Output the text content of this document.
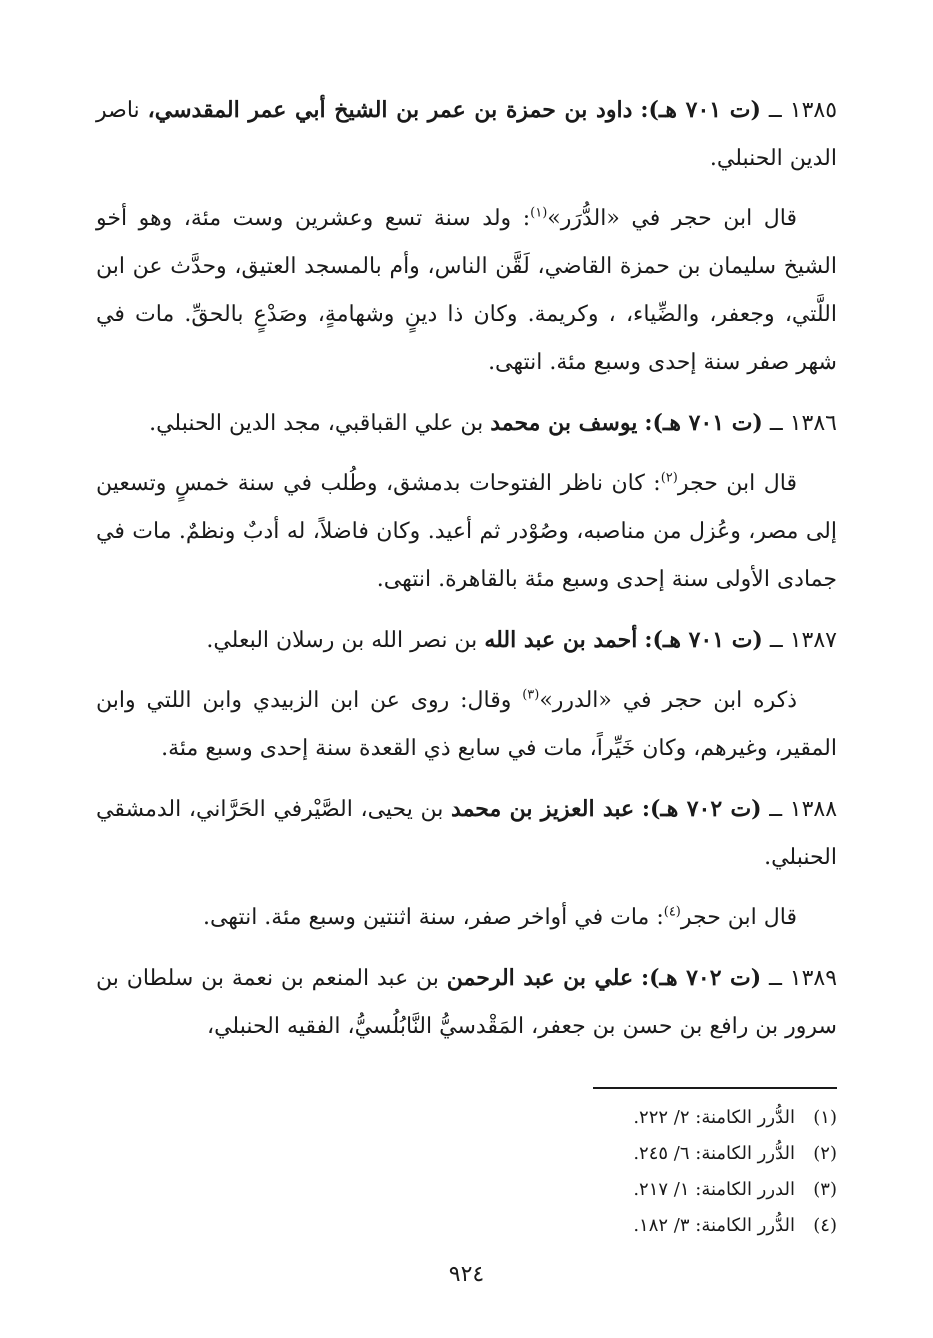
١٣٨٥ ــ (ت ٧٠١ هـ): داود بن حمزة بن عمر بن الشيخ أبي عمر المقدسي، ناصر الدين الحنبلي.

قال ابن حجر في «الدُّرَر»$^{(١)}$: ولد سنة تسع وعشرين وست مئة، وهو أخو الشيخ سليمان بن حمزة القاضي، لَقَّن الناس، وأم بالمسجد العتيق، وحدَّث عن ابن اللَّتي، وجعفر، والضِّياء، ، وكريمة. وكان ذا دينٍ وشهامةٍ، وصَدْعٍ بالحقِّ. مات في شهر صفر سنة إحدى وسبع مئة. انتهى.

١٣٨٦ ــ (ت ٧٠١ هـ): يوسف بن محمد بن علي القباقبي، مجد الدين الحنبلي.

قال ابن حجر$^{(٢)}$: كان ناظر الفتوحات بدمشق، وطُلب في سنة خمسٍ وتسعين إلى مصر، وعُزل من مناصبه، وصُوْدر ثم أعيد. وكان فاضلاً، له أدبٌ ونظمٌ. مات في جمادى الأولى سنة إحدى وسبع مئة بالقاهرة. انتهى.

١٣٨٧ ــ (ت ٧٠١ هـ): أحمد بن عبد الله بن نصر الله بن رسلان البعلي.

ذكره ابن حجر في «الدرر»$^{(٣)}$ وقال: روى عن ابن الزبيدي وابن اللتي وابن المقير، وغيرهم، وكان خَيِّراً، مات في سابع ذي القعدة سنة إحدى وسبع مئة.

١٣٨٨ ــ (ت ٧٠٢ هـ): عبد العزيز بن محمد بن يحيى، الصَّيْرفي الحَرَّاني، الدمشقي الحنبلي.

قال ابن حجر$^{(٤)}$: مات في أواخر صفر، سنة اثنتين وسبع مئة. انتهى.

١٣٨٩ ــ (ت ٧٠٢ هـ): علي بن عبد الرحمن بن عبد المنعم بن نعمة بن سلطان بن سرور بن رافع بن حسن بن جعفر، المَقْدسيُّ النَّابُلُسيُّ، الفقيه الحنبلي،

(١)
الدُّرر الكامنة: ٢/ ٢٢٢.
(٢)
الدُّرر الكامنة: ٦/ ٢٤٥.
(٣)
الدرر الكامنة: ١/ ٢١٧.
(٤)
الدُّرر الكامنة: ٣/ ١٨٢.
٩٢٤
